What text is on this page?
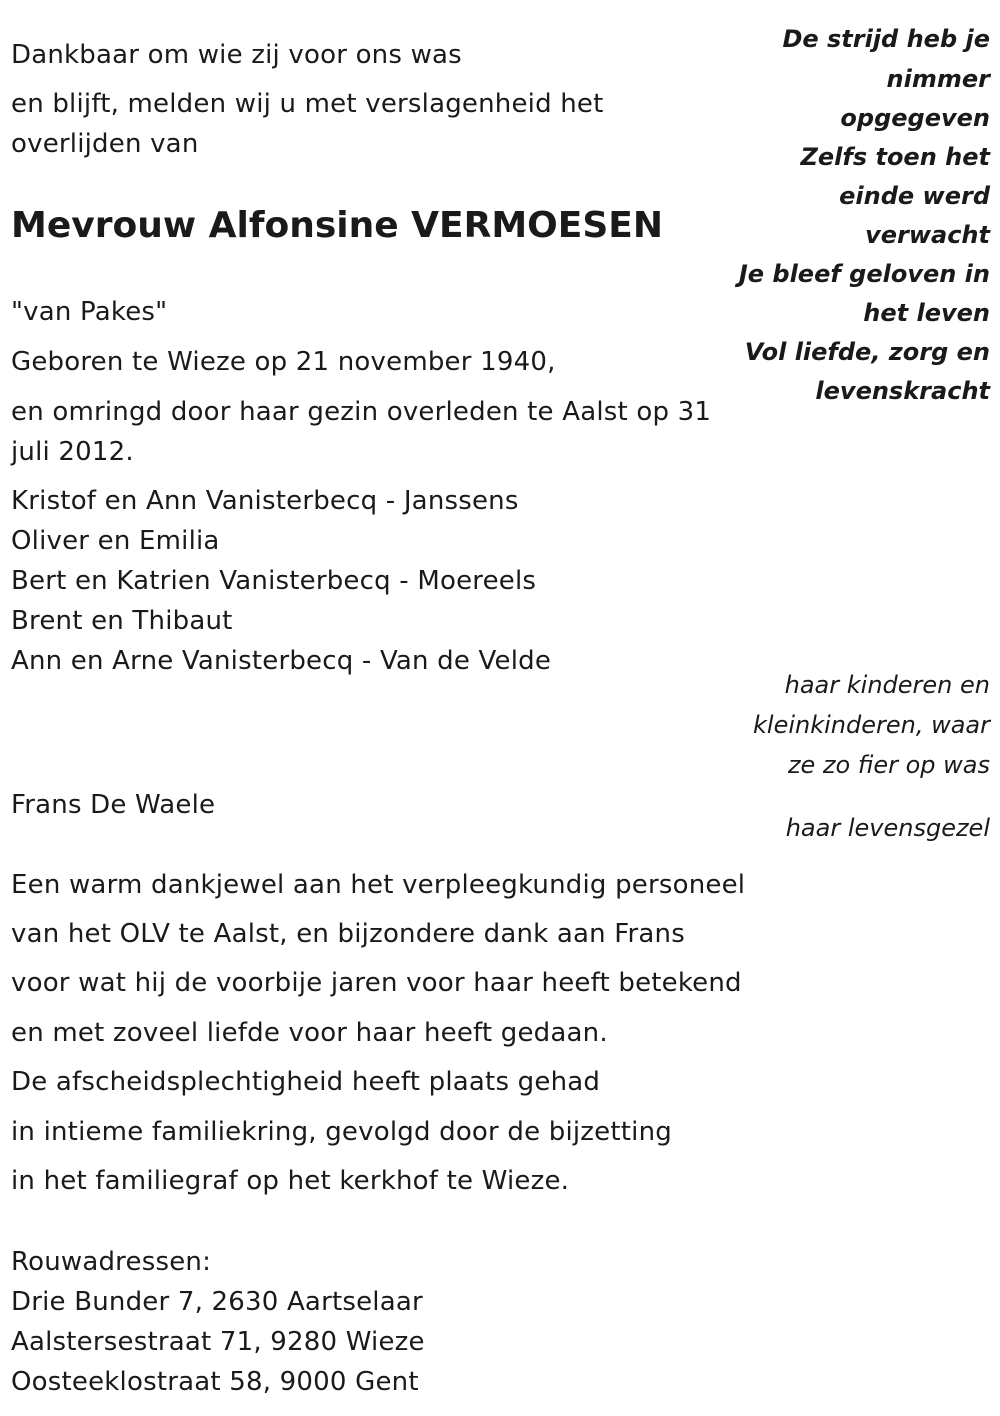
Dankbaar om wie zij voor ons was
en blijft, melden wij u met verslagenheid het
overlijden van
Mevrouw Alfonsine VERMOESEN
"van Pakes"
Geboren te Wieze op 21 november 1940,
en omringd door haar gezin overleden te Aalst op 31
juli 2012.
De strijd heb je
nimmer
opgegeven
Zelfs toen het
einde werd
verwacht
Je bleef geloven in
het leven
Vol liefde, zorg en
levenskracht
Kristof en Ann Vanisterbecq - Janssens
Oliver en Emilia
Bert en Katrien Vanisterbecq - Moereels
Brent en Thibaut
Ann en Arne Vanisterbecq - Van de Velde
haar kinderen en
kleinkinderen, waar
ze zo fier op was
Frans De Waele
haar levensgezel
Een warm dankjewel aan het verpleegkundig personeel
van het OLV te Aalst, en bijzondere dank aan Frans
voor wat hij de voorbije jaren voor haar heeft betekend
en met zoveel liefde voor haar heeft gedaan.
De afscheidsplechtigheid heeft plaats gehad
in intieme familiekring, gevolgd door de bijzetting
in het familiegraf op het kerkhof te Wieze.
Rouwadressen:
Drie Bunder 7, 2630 Aartselaar
Aalstersestraat 71, 9280 Wieze
Oosteeklostraat 58, 9000 Gent
